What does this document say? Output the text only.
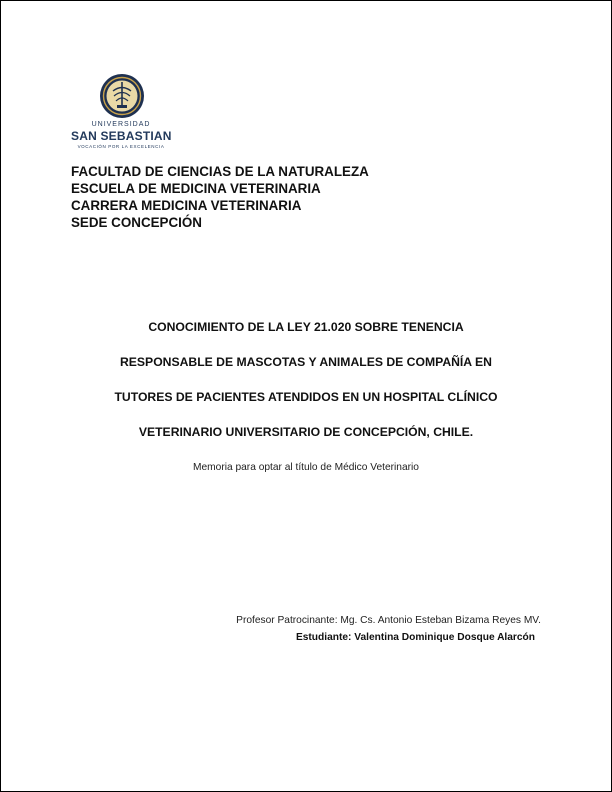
UNIVERSIDAD
SAN SEBASTIAN
VOCACIÓN POR LA EXCELENCIA
FACULTAD DE CIENCIAS DE LA NATURALEZA
ESCUELA DE MEDICINA VETERINARIA
CARRERA MEDICINA VETERINARIA
SEDE CONCEPCIÓN
CONOCIMIENTO DE LA LEY 21.020 SOBRE TENENCIA
RESPONSABLE DE MASCOTAS Y ANIMALES DE COMPAÑÍA EN
TUTORES DE PACIENTES ATENDIDOS EN UN HOSPITAL CLÍNICO
VETERINARIO UNIVERSITARIO DE CONCEPCIÓN, CHILE.
Memoria para optar al título de Médico Veterinario
Profesor Patrocinante: Mg. Cs. Antonio Esteban Bizama Reyes MV.
Estudiante: Valentina Dominique Dosque Alarcón
